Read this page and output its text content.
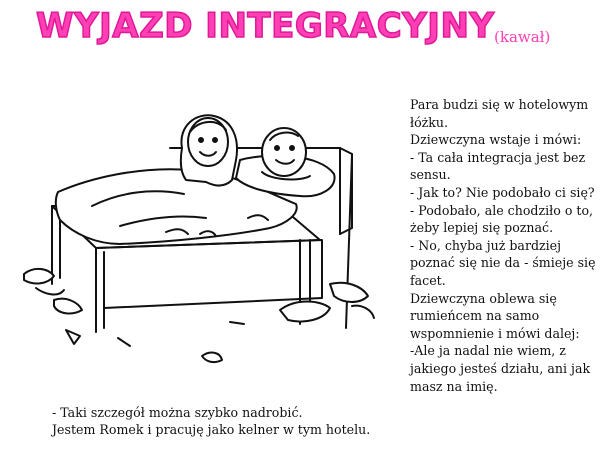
WYJAZD INTEGRACYJNY (kawał)

Para budzi się w hotelowym

łóżku.

Dziewczyna wstaje i mówi:

- Ta cała integracja jest bez

sensu.

- Jak to? Nie podobało ci się?

- Podobało, ale chodziło o to,

żeby lepiej się poznać.

- No, chyba już bardziej

poznać się nie da - śmieje się

facet.

Dziewczyna oblewa się

rumieńcem na samo

wspomnienie i mówi dalej:

-Ale ja nadal nie wiem, z

jakiego jesteś działu, ani jak

masz na imię.

- Taki szczegół można szybko nadrobić.

Jestem Romek i pracuję jako kelner w tym hotelu.
